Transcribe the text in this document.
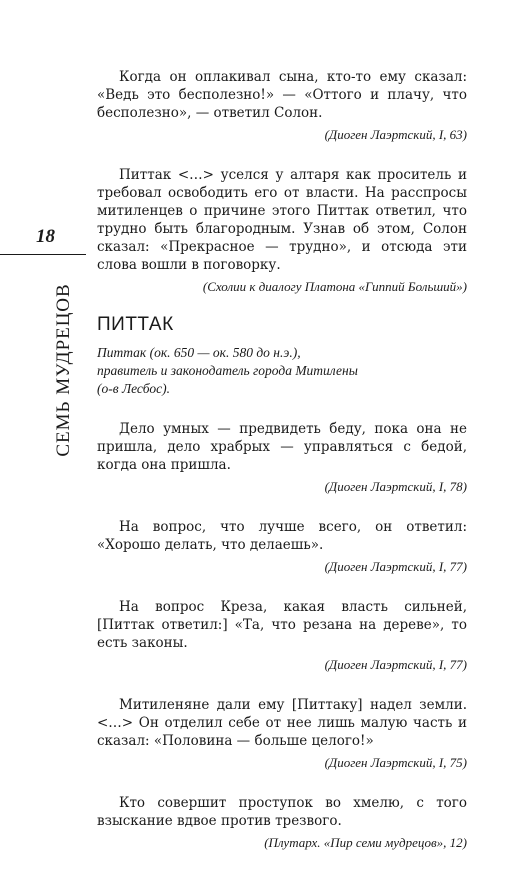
СЕМЬ МУДРЕЦОВ
18

Когда он оплакивал сына, кто-то ему сказал: «Ведь это бесполезно!» — «Оттого и плачу, что бесполезно», — ответил Солон.

(Диоген Лаэртский, I, 63)

Питтак <…> уселся у алтаря как проситель и требовал освободить его от власти. На расспросы митиленцев о причине этого Питтак ответил, что трудно быть благородным. Узнав об этом, Солон сказал: «Прекрасное — трудно», и отсюда эти слова вошли в поговорку.

(Схолии к диалогу Платона «Гиппий Больший»)

ПИТТАК
Питтак (ок. 650 — ок. 580 до н.э.),
правитель и законодатель города Митилены
(о-в Лесбос).

Дело умных — предвидеть беду, пока она не пришла, дело храбрых — управляться с бедой, когда она пришла.

(Диоген Лаэртский, I, 78)

На вопрос, что лучше всего, он ответил: «Хорошо делать, что делаешь».

(Диоген Лаэртский, I, 77)

На вопрос Креза, какая власть сильней, [Питтак ответил:] «Та, что резана на дереве», то есть законы.

(Диоген Лаэртский, I, 77)

Митиленяне дали ему [Питтаку] надел земли. <…> Он отделил себе от нее лишь малую часть и сказал: «Половина — больше целого!»

(Диоген Лаэртский, I, 75)

Кто совершит проступок во хмелю, с того взыскание вдвое против трезвого.

(Плутарх. «Пир семи мудрецов», 12)
